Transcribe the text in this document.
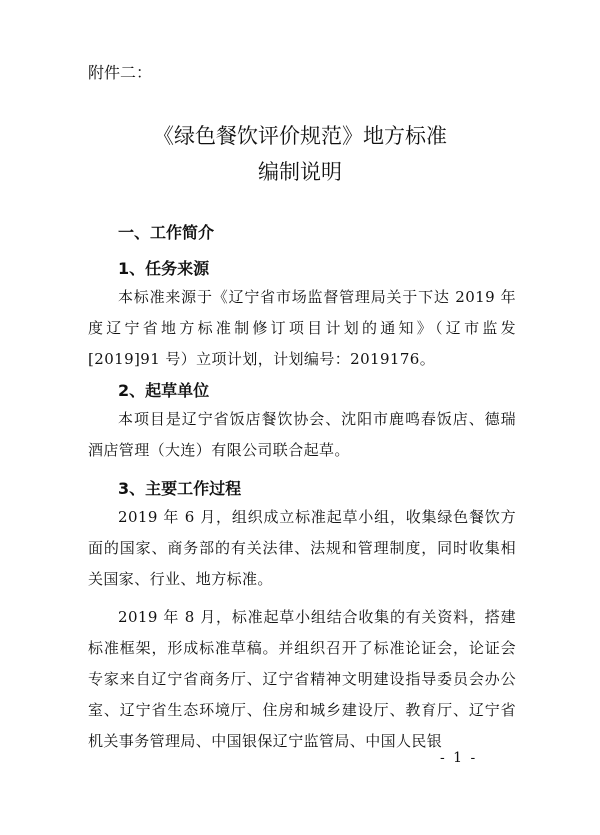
附件二：
《绿色餐饮评价规范》地方标准
编制说明
一、工作简介
1、任务来源
本标准来源于《辽宁省市场监督管理局关于下达 2019 年度辽宁省地方标准制修订项目计划的通知》（辽市监发[2019]91 号）立项计划，计划编号：2019176。
2、起草单位
本项目是辽宁省饭店餐饮协会、沈阳市鹿鸣春饭店、德瑞酒店管理（大连）有限公司联合起草。
3、主要工作过程
2019 年 6 月，组织成立标准起草小组，收集绿色餐饮方面的国家、商务部的有关法律、法规和管理制度，同时收集相关国家、行业、地方标准。
2019 年 8 月，标准起草小组结合收集的有关资料，搭建标准框架，形成标准草稿。并组织召开了标准论证会，论证会专家来自辽宁省商务厅、辽宁省精神文明建设指导委员会办公室、辽宁省生态环境厅、住房和城乡建设厅、教育厅、辽宁省机关事务管理局、中国银保辽宁监管局、中国人民银
- 1 -
